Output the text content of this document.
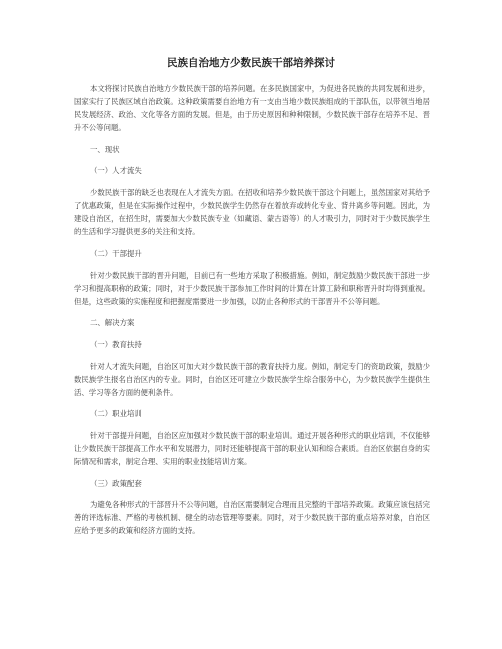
民族自治地方少数民族干部培养探讨

本文将探讨民族自治地方少数民族干部的培养问题。在多民族国家中，为促进各民族的共同发展和进步，国家实行了民族区域自治政策。这种政策需要自治地方有一支由当地少数民族组成的干部队伍，以带领当地居民发展经济、政治、文化等各方面的发展。但是，由于历史原因和种种限制，少数民族干部存在培养不足、晋升不公等问题。

一、现状

（一）人才流失

少数民族干部的缺乏也表现在人才流失方面。在招收和培养少数民族干部这个问题上，虽然国家对其给予了优惠政策，但是在实际操作过程中，少数民族学生仍然存在着放弃或转化专业、背井离乡等问题。因此，为建设自治区，在招生时，需要加大少数民族专业（如藏语、蒙古语等）的人才吸引力，同时对于少数民族学生的生活和学习提供更多的关注和支持。

（二）干部提升

针对少数民族干部的晋升问题，目前已有一些地方采取了积极措施。例如，制定鼓励少数民族干部进一步学习和提高职称的政策；同时，对于少数民族干部参加工作时间的计算在计算工龄和职称晋升时均得到重视。但是，这些政策的实施程度和把握度需要进一步加强，以防止各种形式的干部晋升不公等问题。

二、解决方案

（一）教育扶持

针对人才流失问题，自治区可加大对少数民族干部的教育扶持力度。例如，制定专门的资助政策，鼓励少数民族学生报名自治区内的专业。同时，自治区还可建立少数民族学生综合服务中心，为少数民族学生提供生活、学习等各方面的便利条件。

（二）职业培训

针对干部提升问题，自治区应加强对少数民族干部的职业培训。通过开展各种形式的职业培训，不仅能够让少数民族干部提高工作水平和发展潜力，同时还能够提高干部的职业认知和综合素质。自治区依据自身的实际情况和需求，制定合理、实用的职业技能培训方案。

（三）政策配套

为避免各种形式的干部晋升不公等问题，自治区需要制定合理而且完整的干部培养政策。政策应该包括完善的评选标准、严格的考核机制、健全的动态管理等要素。同时，对于少数民族干部的重点培养对象，自治区应给予更多的政策和经济方面的支持。
